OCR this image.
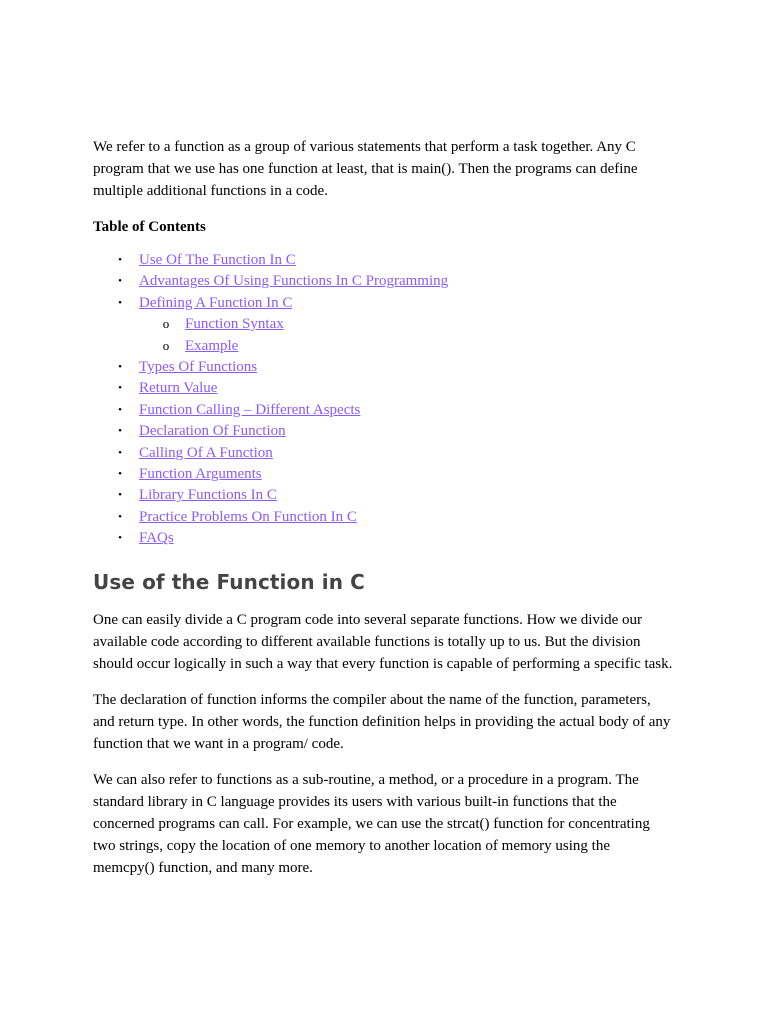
We refer to a function as a group of various statements that perform a task together. Any C program that we use has one function at least, that is main(). Then the programs can define multiple additional functions in a code.

Table of Contents
• Use Of The Function In C
• Advantages Of Using Functions In C Programming
• Defining A Function In C
o Function Syntax
o Example
• Types Of Functions
• Return Value
• Function Calling – Different Aspects
• Declaration Of Function
• Calling Of A Function
• Function Arguments
• Library Functions In C
• Practice Problems On Function In C
• FAQs
Use of the Function in C

One can easily divide a C program code into several separate functions. How we divide our available code according to different available functions is totally up to us. But the division should occur logically in such a way that every function is capable of performing a specific task.

The declaration of function informs the compiler about the name of the function, parameters, and return type. In other words, the function definition helps in providing the actual body of any function that we want in a program/ code.

We can also refer to functions as a sub-routine, a method, or a procedure in a program. The standard library in C language provides its users with various built-in functions that the concerned programs can call. For example, we can use the strcat() function for concentrating two strings, copy the location of one memory to another location of memory using the memcpy() function, and many more.
